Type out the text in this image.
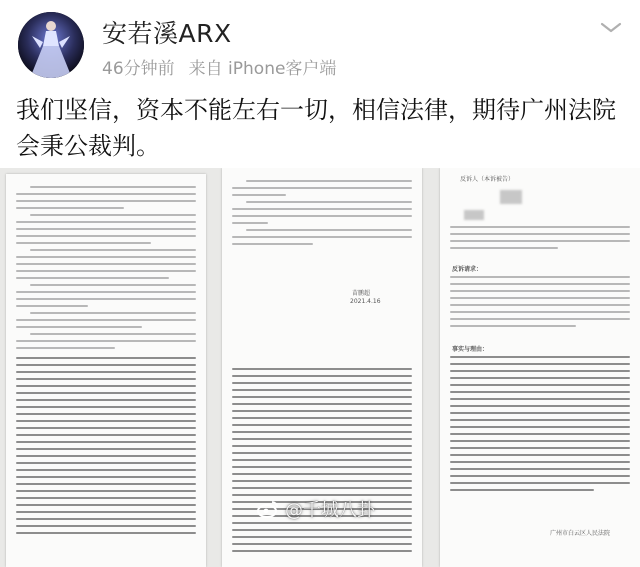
安若溪ARX
46分钟前 来自 iPhone客户端
我们坚信，资本不能左右一切，相信法律，期待广州法院会秉公裁判。
苗鹏超
2021.4.16
反诉人（本诉被告）
反诉请求：
事实与理由：
广州市白云区人民法院
@千城八卦
